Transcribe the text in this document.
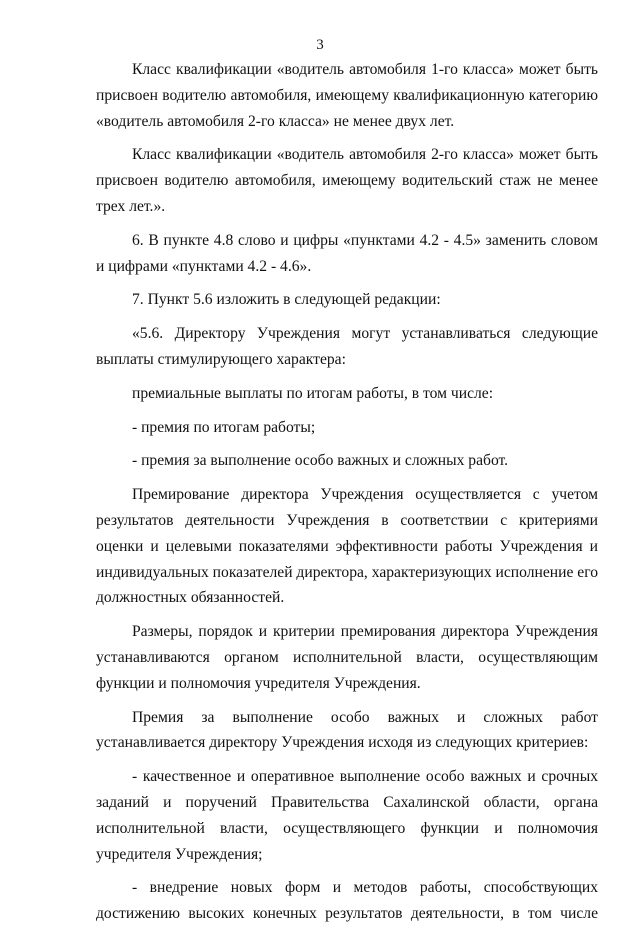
3

Класс квалификации «водитель автомобиля 1-го класса» может быть присвоен водителю автомобиля, имеющему квалификационную категорию «водитель автомобиля 2-го класса» не менее двух лет.

Класс квалификации «водитель автомобиля 2-го класса» может быть присвоен водителю автомобиля, имеющему водительский стаж не менее трех лет.».

6. В пункте 4.8 слово и цифры «пунктами 4.2 - 4.5» заменить словом и цифрами «пунктами 4.2 - 4.6».

7. Пункт 5.6 изложить в следующей редакции:

«5.6. Директору Учреждения могут устанавливаться следующие выплаты стимулирующего характера:

премиальные выплаты по итогам работы, в том числе:

- премия по итогам работы;

- премия за выполнение особо важных и сложных работ.

Премирование директора Учреждения осуществляется с учетом результатов деятельности Учреждения в соответствии с критериями оценки и целевыми показателями эффективности работы Учреждения и индивидуальных показателей директора, характеризующих исполнение его должностных обязанностей.

Размеры, порядок и критерии премирования директора Учреждения устанавливаются органом исполнительной власти, осуществляющим функции и полномочия учредителя Учреждения.

Премия за выполнение особо важных и сложных работ устанавливается директору Учреждения исходя из следующих критериев:

- качественное и оперативное выполнение особо важных и срочных заданий и поручений Правительства Сахалинской области, органа исполнительной власти, осуществляющего функции и полномочия учредителя Учреждения;

- внедрение новых форм и методов работы, способствующих достижению высоких конечных результатов деятельности, в том числе
